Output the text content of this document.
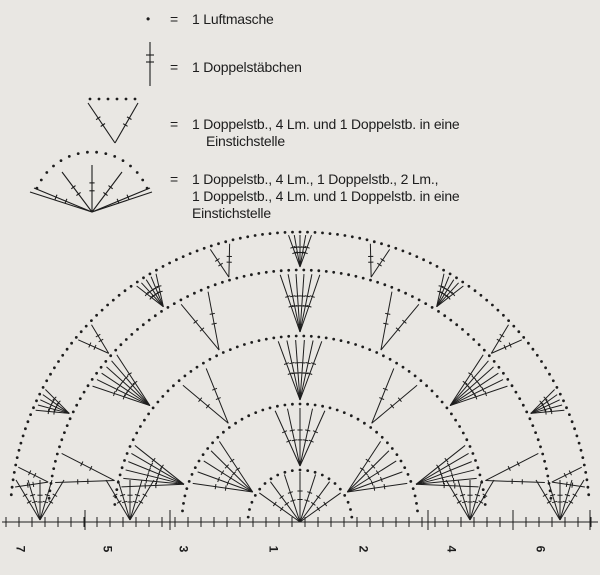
• = 1 Luftmasche
= 1 Doppelstäbchen
= 1 Doppelstb., 4 Lm. und 1 Doppelstb. in eine
Einstichstelle
= 1 Doppelstb., 4 Lm., 1 Doppelstb., 2 Lm.,
1 Doppelstb., 4 Lm. und 1 Doppelstb. in eine
Einstichstelle
7	5	3	1	2	4	6
